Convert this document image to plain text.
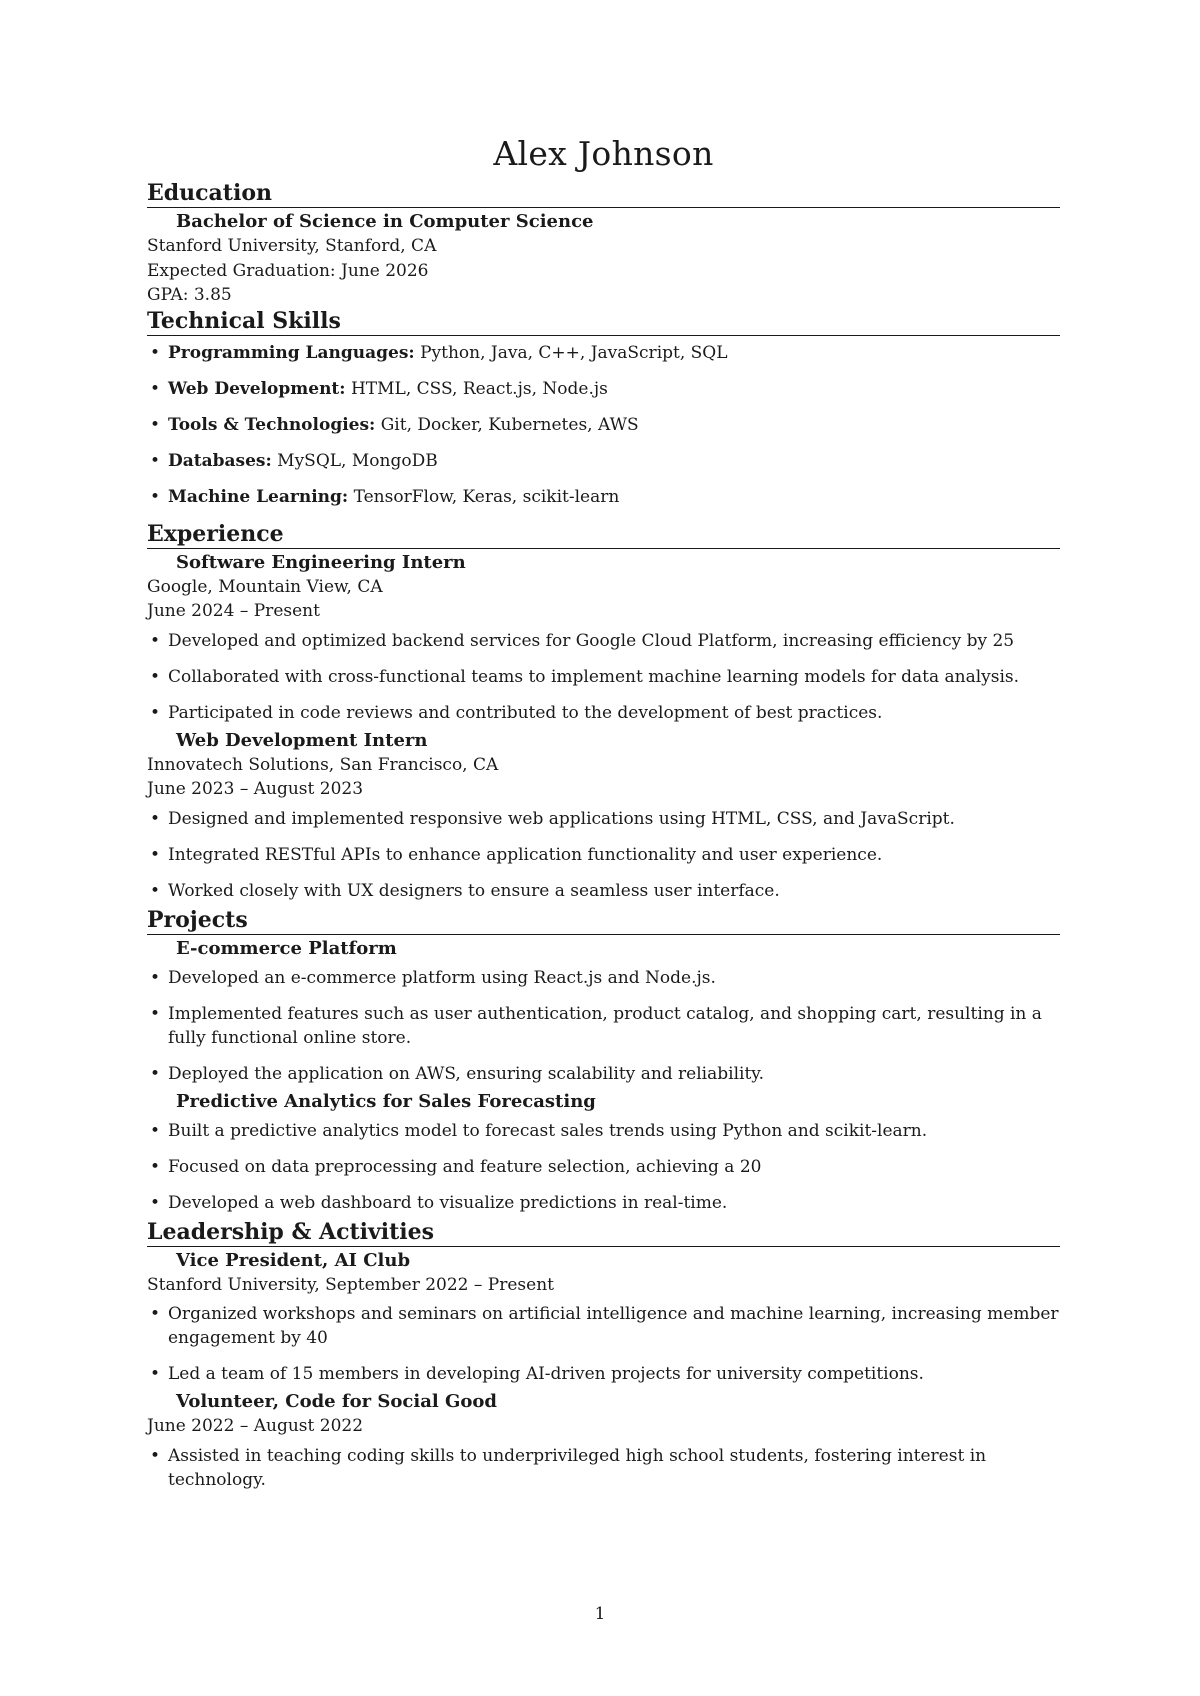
Alex Johnson
Education
Bachelor of Science in Computer Science
Stanford University, Stanford, CA
Expected Graduation: June 2026
GPA: 3.85
Technical Skills
• Programming Languages: Python, Java, C++, JavaScript, SQL
• Web Development: HTML, CSS, React.js, Node.js
• Tools & Technologies: Git, Docker, Kubernetes, AWS
• Databases: MySQL, MongoDB
• Machine Learning: TensorFlow, Keras, scikit-learn
Experience
Software Engineering Intern
Google, Mountain View, CA
June 2024 – Present
• Developed and optimized backend services for Google Cloud Platform, increasing efficiency by 25
• Collaborated with cross-functional teams to implement machine learning models for data analysis.
• Participated in code reviews and contributed to the development of best practices.
Web Development Intern
Innovatech Solutions, San Francisco, CA
June 2023 – August 2023
• Designed and implemented responsive web applications using HTML, CSS, and JavaScript.
• Integrated RESTful APIs to enhance application functionality and user experience.
• Worked closely with UX designers to ensure a seamless user interface.
Projects
E-commerce Platform
• Developed an e-commerce platform using React.js and Node.js.
• Implemented features such as user authentication, product catalog, and shopping cart, resulting in a fully functional online store.
• Deployed the application on AWS, ensuring scalability and reliability.
Predictive Analytics for Sales Forecasting
• Built a predictive analytics model to forecast sales trends using Python and scikit-learn.
• Focused on data preprocessing and feature selection, achieving a 20
• Developed a web dashboard to visualize predictions in real-time.
Leadership & Activities
Vice President, AI Club
Stanford University, September 2022 – Present
• Organized workshops and seminars on artificial intelligence and machine learning, increasing member engagement by 40
• Led a team of 15 members in developing AI-driven projects for university competitions.
Volunteer, Code for Social Good
June 2022 – August 2022
• Assisted in teaching coding skills to underprivileged high school students, fostering interest in technology.
1
